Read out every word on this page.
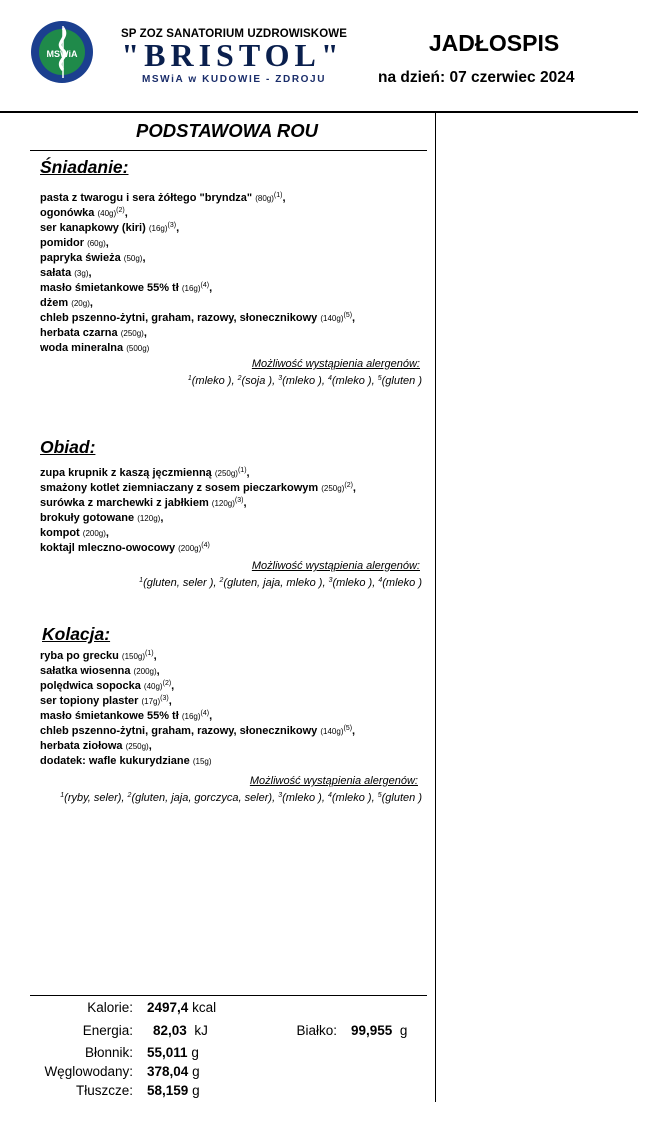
MSWiA
SP ZOZ SANATORIUM UZDROWISKOWE
"BRISTOL"
MSWiA w KUDOWIE - ZDROJU
JADŁOSPIS
na dzień: 07 czerwiec 2024
PODSTAWOWA ROU
Śniadanie:
pasta z twarogu i sera żółtego "bryndza" $(80g)^{(1)}$,
ogonówka $(40g)^{(2)}$,
ser kanapkowy (kiri) $(16g)^{(3)}$,
pomidor (60g),
papryka świeża (50g),
sałata (3g),
masło śmietankowe 55% tł $(16g)^{(4)}$,
dżem (20g),
chleb pszenno-żytni, graham, razowy, słonecznikowy $(140g)^{(5)}$,
herbata czarna (250g),
woda mineralna (500g)
Możliwość wystąpienia alergenów:
$^1$(mleko ), $^2$(soja ), $^3$(mleko ), $^4$(mleko ), $^5$(gluten )
Obiad:
zupa krupnik z kaszą jęczmienną $(250g)^{(1)}$,
smażony kotlet ziemniaczany z sosem pieczarkowym $(250g)^{(2)}$,
surówka z marchewki z jabłkiem $(120g)^{(3)}$,
brokuły gotowane (120g),
kompot (200g),
koktajl mleczno-owocowy $(200g)^{(4)}$
Możliwość wystąpienia alergenów:
$^1$(gluten, seler ), $^2$(gluten, jaja, mleko ), $^3$(mleko ), $^4$(mleko )
Kolacja:
ryba po grecku $(150g)^{(1)}$,
sałatka wiosenna (200g),
polędwica sopocka $(40g)^{(2)}$,
ser topiony plaster $(17g)^{(3)}$,
masło śmietankowe 55% tł $(16g)^{(4)}$,
chleb pszenno-żytni, graham, razowy, słonecznikowy $(140g)^{(5)}$,
herbata ziołowa (250g),
dodatek: wafle kukurydziane (15g)
Możliwość wystąpienia alergenów:
$^1$(ryby, seler), $^2$(gluten, jaja, gorczyca, seler), $^3$(mleko ), $^4$(mleko ), $^5$(gluten )
Kalorie: 2497,4 kcal
Energia: 82,03 kJ	Białko: 99,955 g
Błonnik: 55,011 g
Węglowodany: 378,04 g
Tłuszcze: 58,159 g
